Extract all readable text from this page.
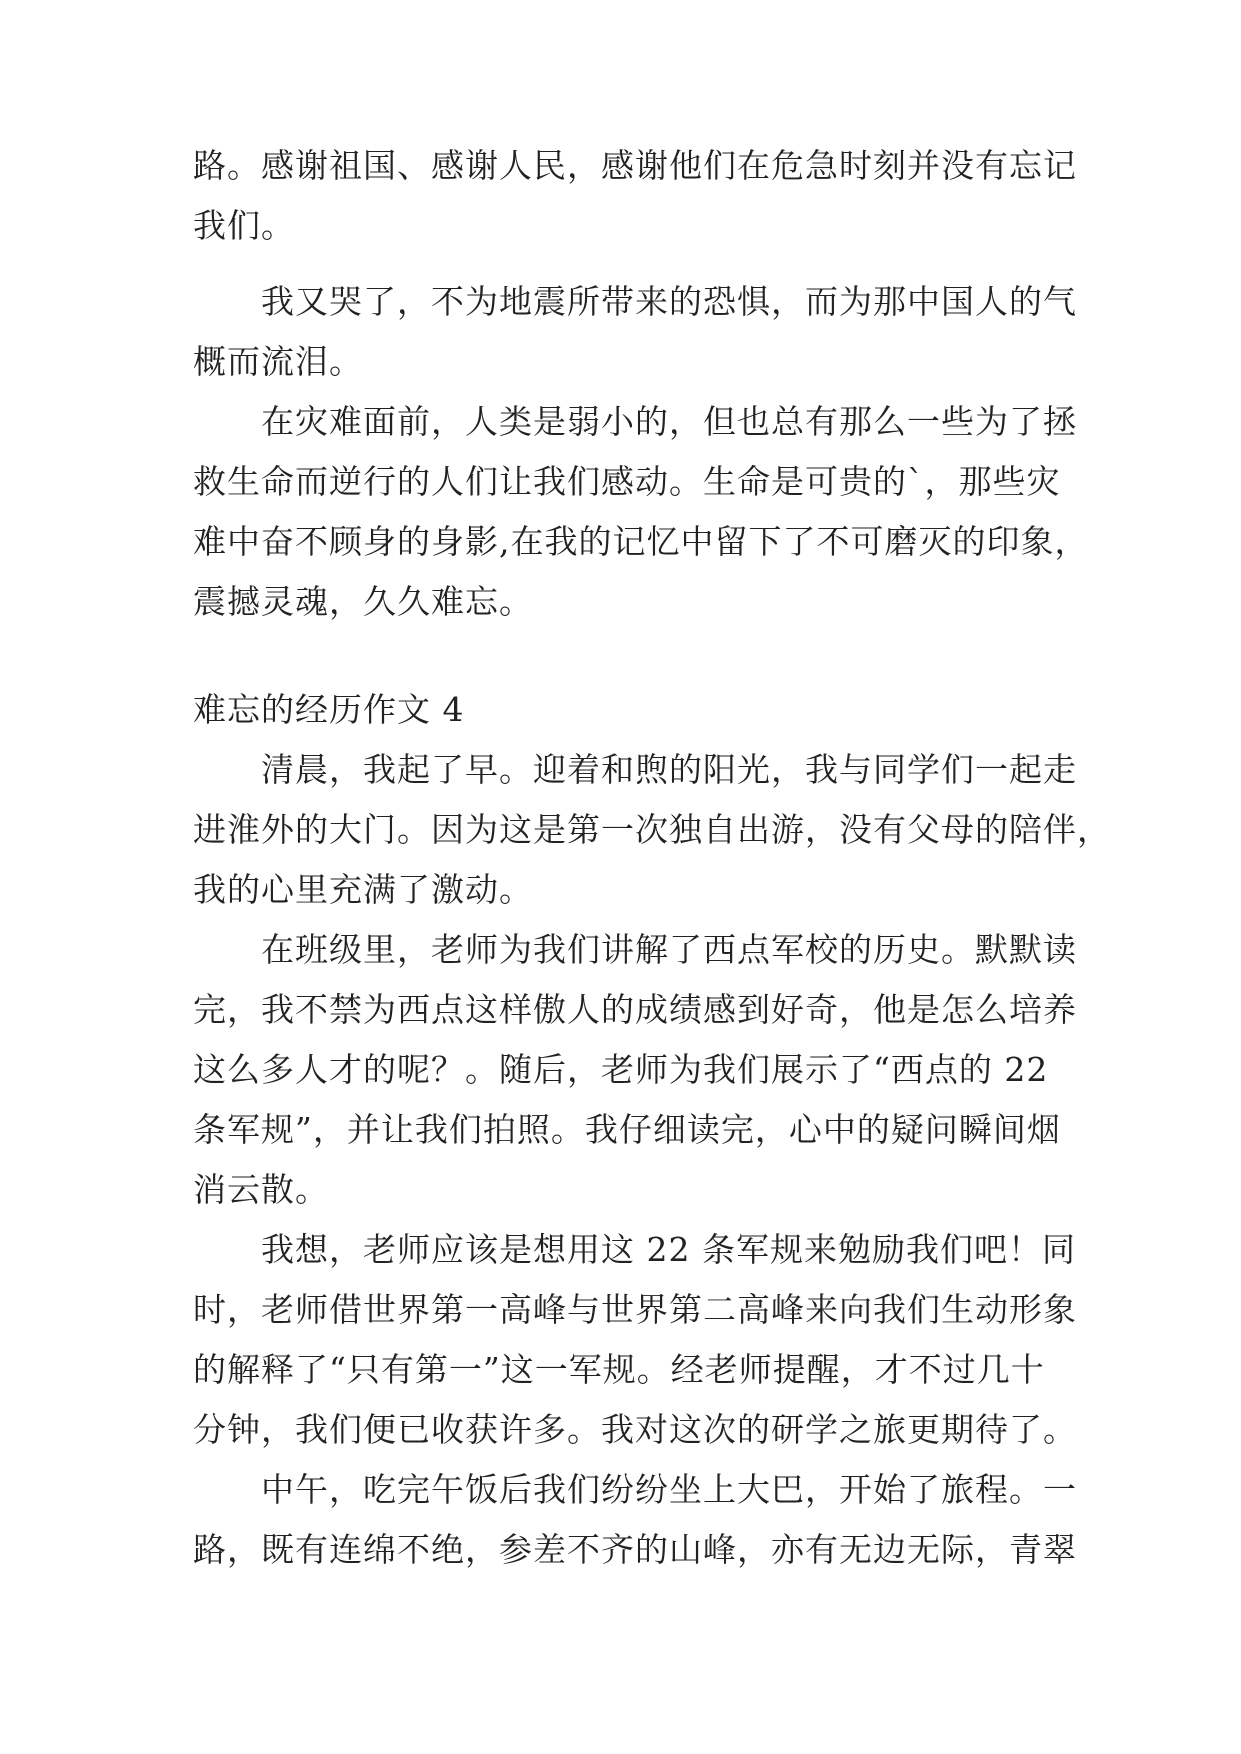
路。感谢祖国、感谢人民，感谢他们在危急时刻并没有忘记
我们。
　　我又哭了，不为地震所带来的恐惧，而为那中国人的气
概而流泪。
　　在灾难面前，人类是弱小的，但也总有那么一些为了拯
救生命而逆行的人们让我们感动。生命是可贵的`，那些灾
难中奋不顾身的身影,在我的记忆中留下了不可磨灭的印象，
震撼灵魂，久久难忘。
难忘的经历作文 4
　　清晨，我起了早。迎着和煦的阳光，我与同学们一起走
进淮外的大门。因为这是第一次独自出游，没有父母的陪伴，
我的心里充满了激动。
　　在班级里，老师为我们讲解了西点军校的历史。默默读
完，我不禁为西点这样傲人的成绩感到好奇，他是怎么培养
这么多人才的呢？。随后，老师为我们展示了“西点的 22
条军规”，并让我们拍照。我仔细读完，心中的疑问瞬间烟
消云散。
　　我想，老师应该是想用这 22 条军规来勉励我们吧！同
时，老师借世界第一高峰与世界第二高峰来向我们生动形象
的解释了“只有第一”这一军规。经老师提醒，才不过几十
分钟，我们便已收获许多。我对这次的研学之旅更期待了。
　　中午，吃完午饭后我们纷纷坐上大巴，开始了旅程。一
路，既有连绵不绝，参差不齐的山峰，亦有无边无际，青翠
